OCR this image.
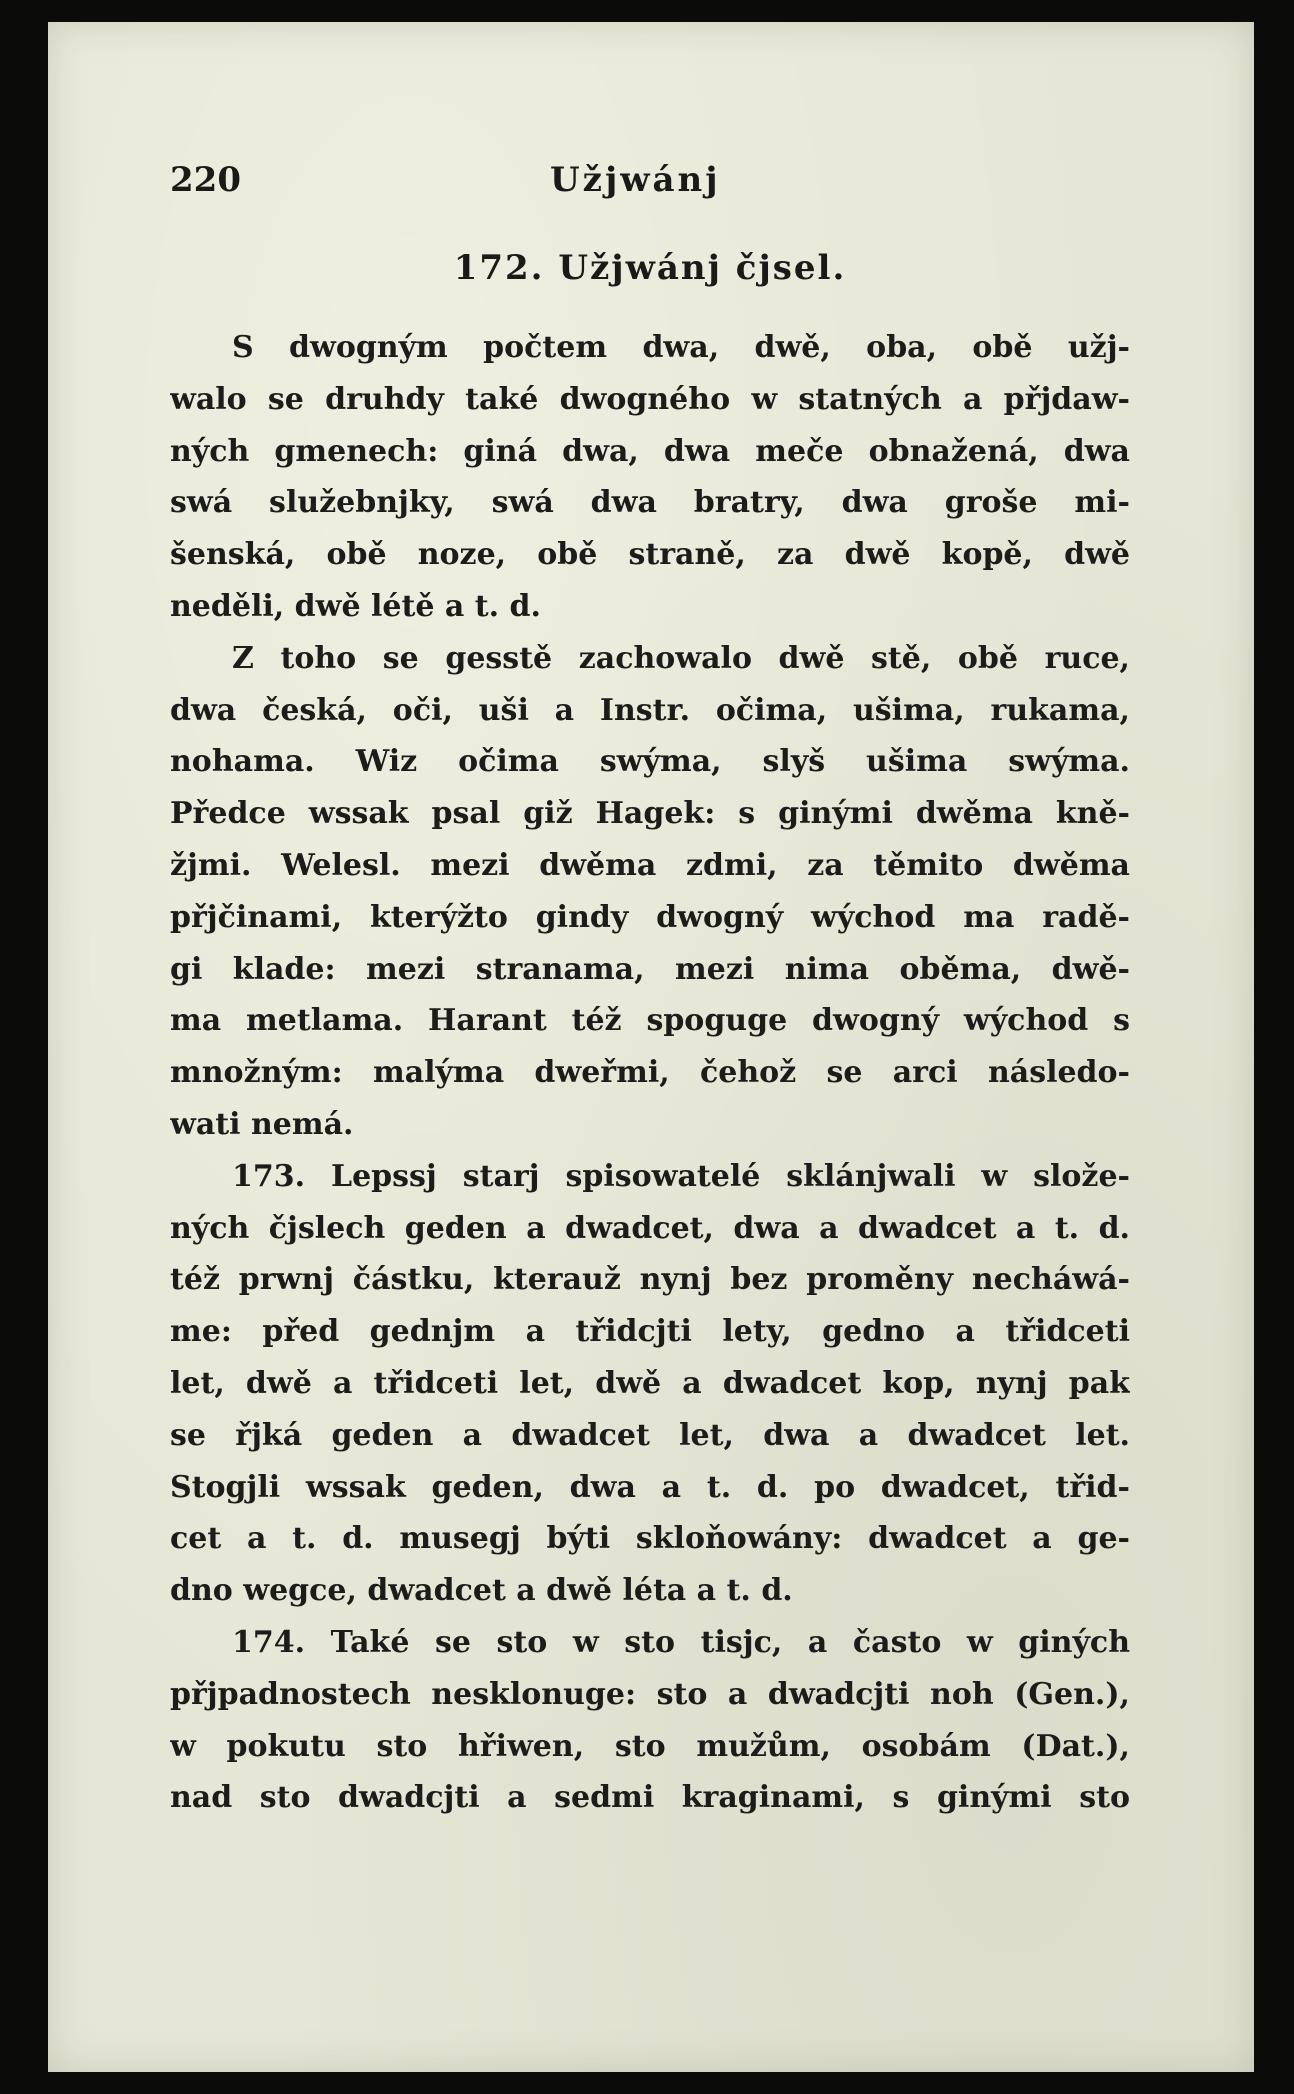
220	Užjwánj
172. Užjwánj čjsel.
S dwogným počtem dwa, dwě, oba, obě užj-
walo se druhdy také dwogného w statných a přjdaw-
ných gmenech: giná dwa, dwa meče obnažená, dwa
swá služebnjky, swá dwa bratry, dwa groše mi-
šenská, obě noze, obě straně, za dwě kopě, dwě
neděli, dwě létě a t. d.
Z toho se gesstě zachowalo dwě stě, obě ruce,
dwa česká, oči, uši a Instr. očima, ušima, rukama,
nohama. Wiz očima swýma, slyš ušima swýma.
Předce wssak psal giž Hagek: s ginými dwěma kně-
žjmi. Welesl. mezi dwěma zdmi, za těmito dwěma
přjčinami, kterýžto gindy dwogný wýchod ma radě-
gi klade: mezi stranama, mezi nima oběma, dwě-
ma metlama. Harant též spoguge dwogný wýchod s
množným: malýma dweřmi, čehož se arci následo-
wati nemá.
173. Lepssj starj spisowatelé sklánjwali w slože-
ných čjslech geden a dwadcet, dwa a dwadcet a t. d.
též prwnj částku, kterauž nynj bez proměny necháwá-
me: před gednjm a třidcjti lety, gedno a třidceti
let, dwě a třidceti let, dwě a dwadcet kop, nynj pak
se řjká geden a dwadcet let, dwa a dwadcet let.
Stogjli wssak geden, dwa a t. d. po dwadcet, třid-
cet a t. d. musegj býti skloňowány: dwadcet a ge-
dno wegce, dwadcet a dwě léta a t. d.
174. Také se sto w sto tisjc, a často w giných
přjpadnostech nesklonuge: sto a dwadcjti noh (Gen.),
w pokutu sto hřiwen, sto mužům, osobám (Dat.),
nad sto dwadcjti a sedmi kraginami, s ginými sto
